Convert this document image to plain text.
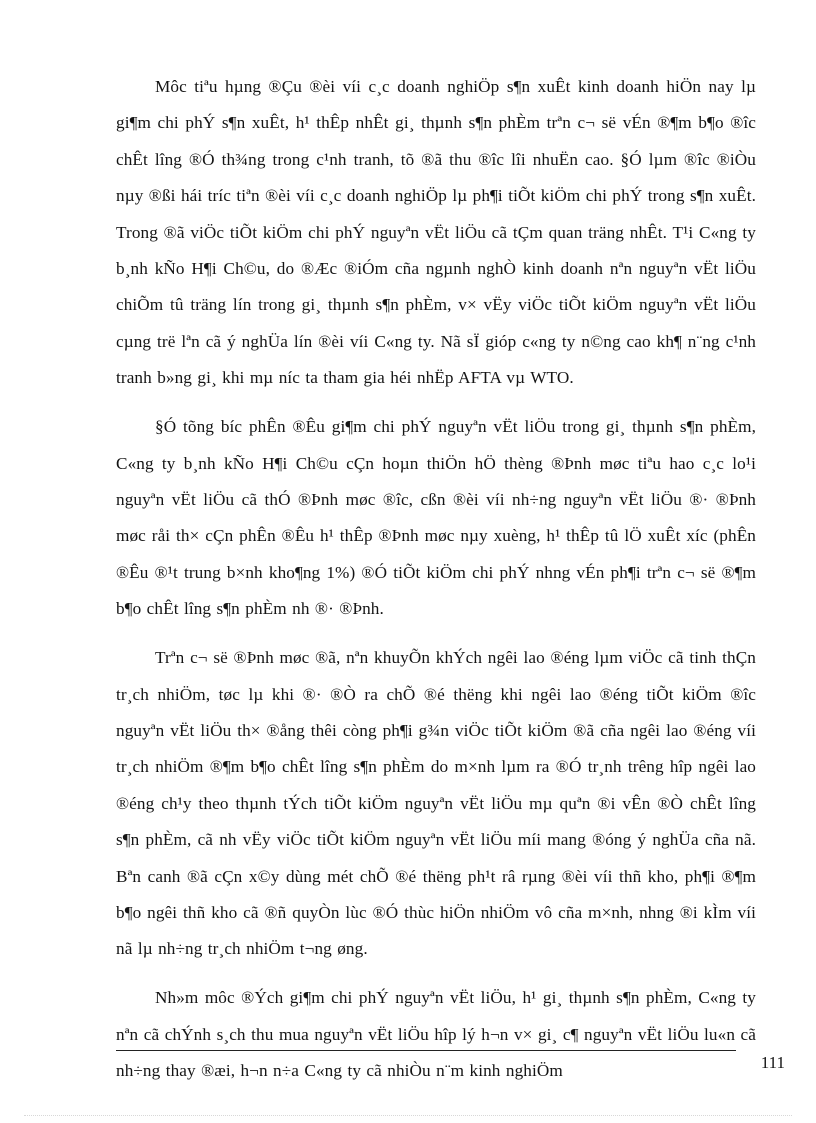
Môc tiªu hµng ®Çu ®èi víi c¸c doanh nghiÖp s¶n xuÊt kinh doanh hiÖn nay lµ gi¶m chi phÝ s¶n xuÊt, h¹ thÊp nhÊt gi¸ thµnh s¶n phÈm trªn c¬ së vÉn ®¶m b¶o ®îc chÊt lîng ®Ó th¾ng trong c¹nh tranh, tõ ®ã thu ®îc lîi nhuËn cao. §Ó lµm ®îc ®iÒu nµy ®ßi hái tríc tiªn ®èi víi c¸c doanh nghiÖp lµ ph¶i tiÕt kiÖm chi phÝ trong s¶n xuÊt. Trong ®ã viÖc tiÕt kiÖm chi phÝ nguyªn vËt liÖu cã tÇm quan träng nhÊt. T¹i C«ng ty b¸nh kÑo H¶i Ch©u, do ®Æc ®iÓm cña ngµnh nghÒ kinh doanh nªn nguyªn vËt liÖu chiÕm tû träng lín trong gi¸ thµnh s¶n phÈm, v× vËy viÖc tiÕt kiÖm nguyªn vËt liÖu cµng trë lªn cã ý nghÜa lín ®èi víi C«ng ty. Nã sÏ gióp c«ng ty n©ng cao kh¶ n¨ng c¹nh tranh b»ng gi¸ khi mµ níc ta tham gia héi nhËp AFTA vµ WTO.

§Ó tõng bíc phÊn ®Êu gi¶m chi phÝ nguyªn vËt liÖu trong gi¸ thµnh s¶n phÈm, C«ng ty b¸nh kÑo H¶i Ch©u cÇn hoµn thiÖn hÖ thèng ®Þnh møc tiªu hao c¸c lo¹i nguyªn vËt liÖu cã thÓ ®Þnh møc ®îc, cßn ®èi víi nh÷ng nguyªn vËt liÖu ®· ®Þnh møc råi th× cÇn phÊn ®Êu h¹ thÊp ®Þnh møc nµy xuèng, h¹ thÊp tû lÖ xuÊt xíc (phÊn ®Êu ®¹t trung b×nh kho¶ng 1%) ®Ó tiÕt kiÖm chi phÝ nhng vÉn ph¶i trªn c¬ së ®¶m b¶o chÊt lîng s¶n phÈm nh ®· ®Þnh.

Trªn c¬ së ®Þnh møc ®ã, nªn khuyÕn khÝch ngêi lao ®éng lµm viÖc cã tinh thÇn tr¸ch nhiÖm, tøc lµ khi ®· ®Ò ra chÕ ®é thëng khi ngêi lao ®éng tiÕt kiÖm ®îc nguyªn vËt liÖu th× ®ång thêi còng ph¶i g¾n viÖc tiÕt kiÖm ®ã cña ngêi lao ®éng víi tr¸ch nhiÖm ®¶m b¶o chÊt lîng s¶n phÈm do m×nh lµm ra ®Ó tr¸nh trêng hîp ngêi lao ®éng ch¹y theo thµnh tÝch tiÕt kiÖm nguyªn vËt liÖu mµ quªn ®i vÊn ®Ò chÊt lîng s¶n phÈm, cã nh vËy viÖc tiÕt kiÖm nguyªn vËt liÖu míi mang ®óng ý nghÜa cña nã. Bªn canh ®ã cÇn x©y dùng mét chÕ ®é thëng ph¹t râ rµng ®èi víi thñ kho, ph¶i ®¶m b¶o ngêi thñ kho cã ®ñ quyÒn lùc ®Ó thùc hiÖn nhiÖm vô cña m×nh, nhng ®i kÌm víi nã lµ nh÷ng tr¸ch nhiÖm t¬ng øng.

Nh»m môc ®Ých gi¶m chi phÝ nguyªn vËt liÖu, h¹ gi¸ thµnh s¶n phÈm, C«ng ty nªn cã chÝnh s¸ch thu mua nguyªn vËt liÖu hîp lý h¬n v× gi¸ c¶ nguyªn vËt liÖu lu«n cã nh÷ng thay ®æi, h¬n n÷a C«ng ty cã nhiÒu n¨m kinh nghiÖm	111
